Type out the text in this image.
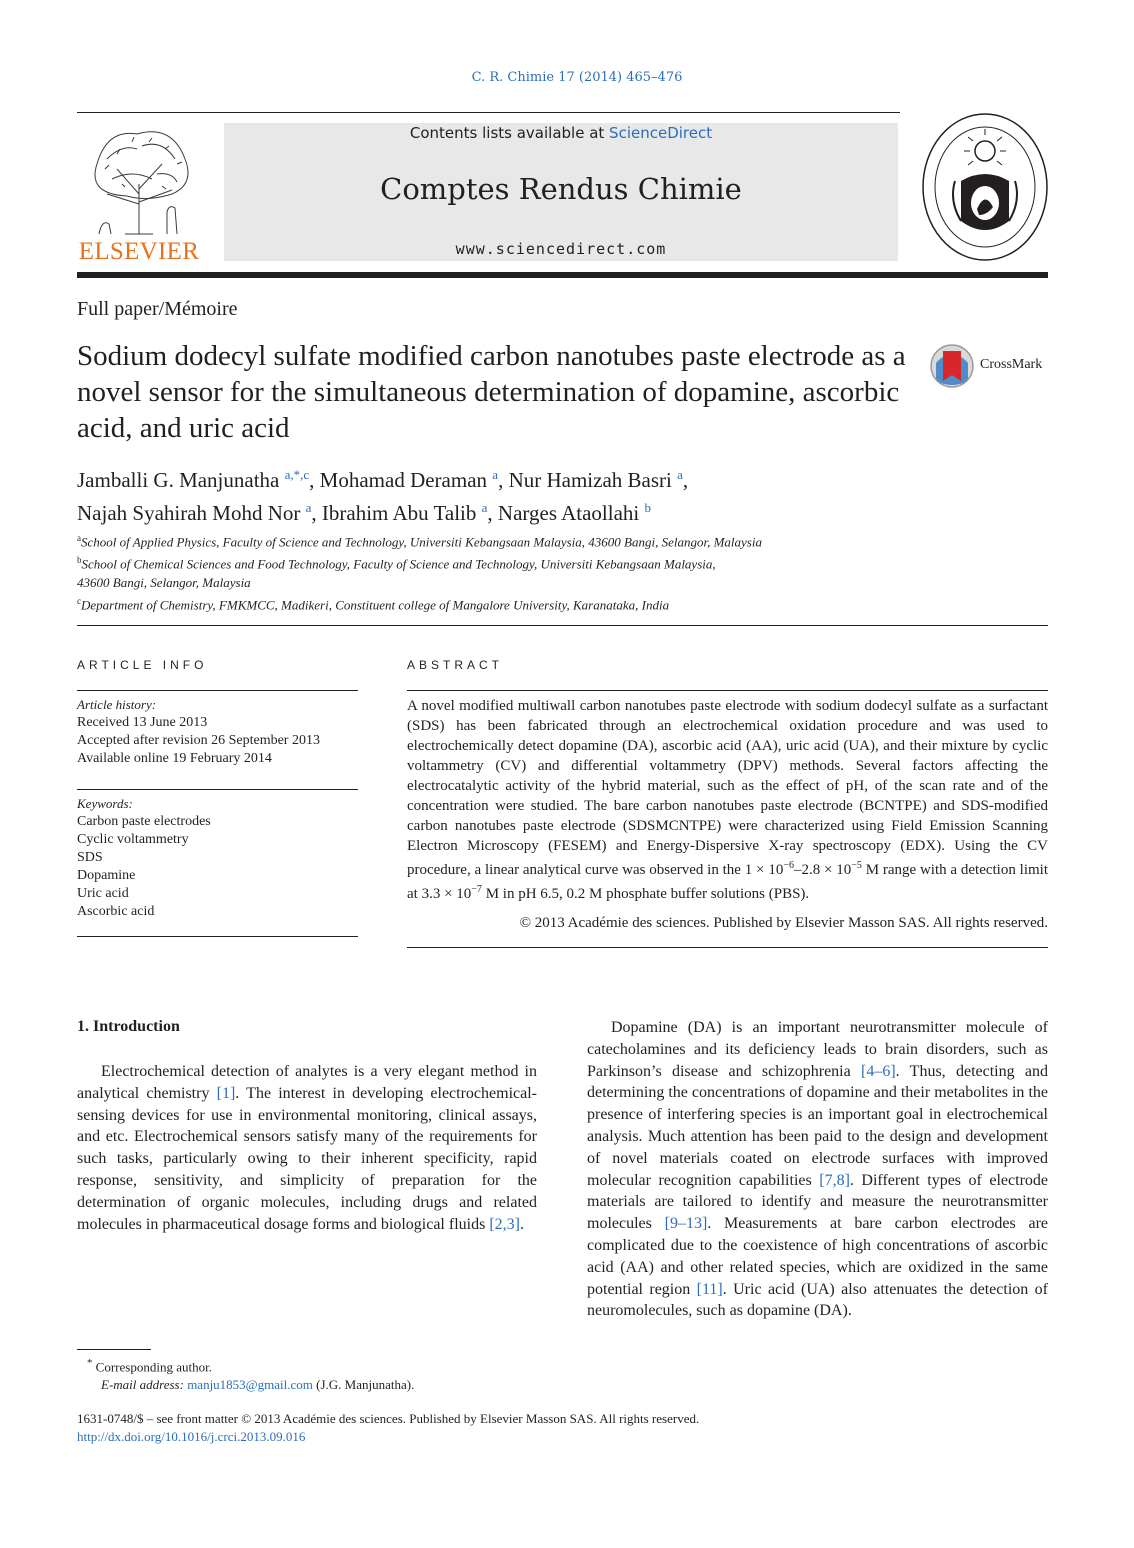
C. R. Chimie 17 (2014) 465–476
ELSEVIER
Contents lists available at ScienceDirect
Comptes Rendus Chimie
www.sciencedirect.com
Full paper/Mémoire
Sodium dodecyl sulfate modified carbon nanotubes paste electrode as a novel sensor for the simultaneous determination of dopamine, ascorbic acid, and uric acid
CrossMark
Jamballi G. Manjunatha $^{a,*,c}$, Mohamad Deraman $^a$, Nur Hamizah Basri $^a$,
Najah Syahirah Mohd Nor $^a$, Ibrahim Abu Talib $^a$, Narges Ataollahi $^b$
$^a$School of Applied Physics, Faculty of Science and Technology, Universiti Kebangsaan Malaysia, 43600 Bangi, Selangor, Malaysia
$^b$School of Chemical Sciences and Food Technology, Faculty of Science and Technology, Universiti Kebangsaan Malaysia,
43600 Bangi, Selangor, Malaysia
$^c$Department of Chemistry, FMKMCC, Madikeri, Constituent college of Mangalore University, Karanataka, India
ARTICLE INFO
Article history:
Received 13 June 2013
Accepted after revision 26 September 2013
Available online 19 February 2014
Keywords:
Carbon paste electrodes
Cyclic voltammetry
SDS
Dopamine
Uric acid
Ascorbic acid
ABSTRACT
A novel modified multiwall carbon nanotubes paste electrode with sodium dodecyl sulfate as a surfactant (SDS) has been fabricated through an electrochemical oxidation procedure and was used to electrochemically detect dopamine (DA), ascorbic acid (AA), uric acid (UA), and their mixture by cyclic voltammetry (CV) and differential voltammetry (DPV) methods. Several factors affecting the electrocatalytic activity of the hybrid material, such as the effect of pH, of the scan rate and of the concentration were studied. The bare carbon nanotubes paste electrode (BCNTPE) and SDS-modified carbon nanotubes paste electrode (SDSMCNTPE) were characterized using Field Emission Scanning Electron Microscopy (FESEM) and Energy-Dispersive X-ray spectroscopy (EDX). Using the CV procedure, a linear analytical curve was observed in the $1 \times 10^{-6}-2.8 \times 10^{-5}$ M range with a detection limit at $3.3 \times 10^{-7}$ M in pH 6.5, 0.2 M phosphate buffer solutions (PBS).
© 2013 Académie des sciences. Published by Elsevier Masson SAS. All rights reserved.
1. Introduction
Electrochemical detection of analytes is a very elegant method in analytical chemistry [1]. The interest in developing electrochemical-sensing devices for use in environmental monitoring, clinical assays, and etc. Electrochemical sensors satisfy many of the requirements for such tasks, particularly owing to their inherent specificity, rapid response, sensitivity, and simplicity of preparation for the determination of organic molecules, including drugs and related molecules in pharmaceutical dosage forms and biological fluids [2,3].
Dopamine (DA) is an important neurotransmitter molecule of catecholamines and its deficiency leads to brain disorders, such as Parkinson’s disease and schizophrenia [4–6]. Thus, detecting and determining the concentrations of dopamine and their metabolites in the presence of interfering species is an important goal in electrochemical analysis. Much attention has been paid to the design and development of novel materials coated on electrode surfaces with improved molecular recognition capabilities [7,8]. Different types of electrode materials are tailored to identify and measure the neurotransmitter molecules [9–13]. Measurements at bare carbon electrodes are complicated due to the coexistence of high concentrations of ascorbic acid (AA) and other related species, which are oxidized in the same potential region [11]. Uric acid (UA) also attenuates the detection of neuromolecules, such as dopamine (DA).
* Corresponding author.
E-mail address: manju1853@gmail.com (J.G. Manjunatha).
1631-0748/$ – see front matter © 2013 Académie des sciences. Published by Elsevier Masson SAS. All rights reserved.
http://dx.doi.org/10.1016/j.crci.2013.09.016
